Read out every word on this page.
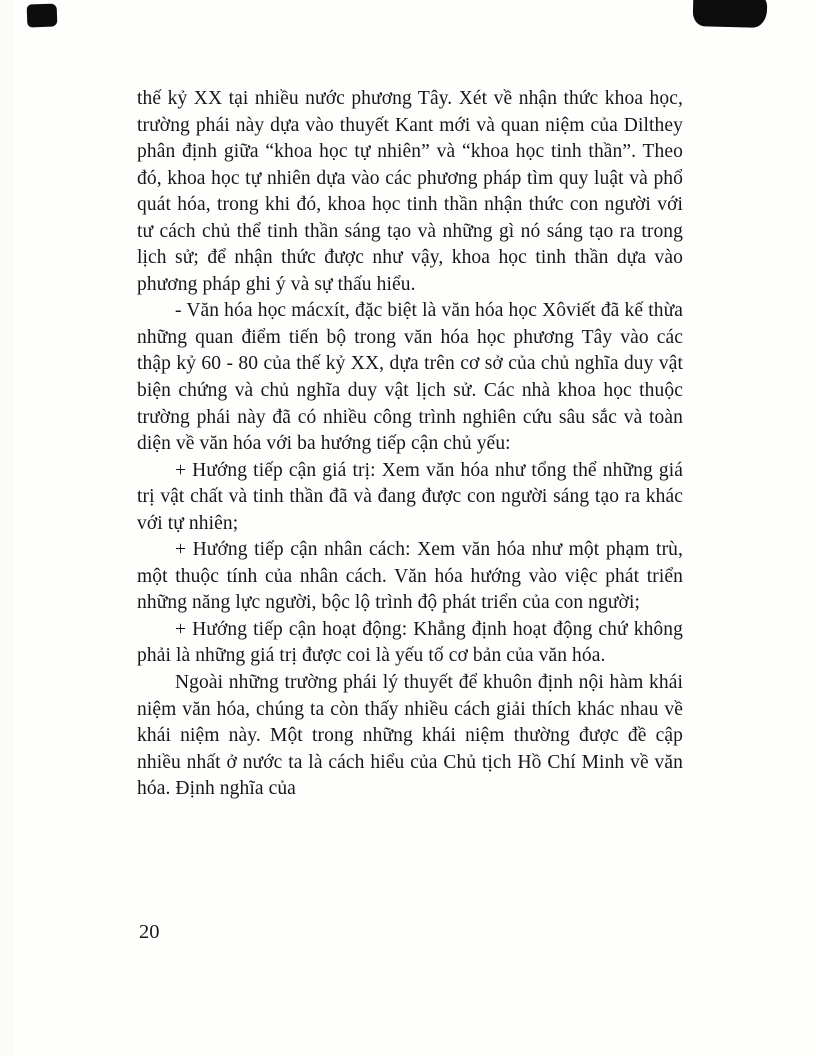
thế kỷ XX tại nhiều nước phương Tây. Xét về nhận thức khoa học, trường phái này dựa vào thuyết Kant mới và quan niệm của Dilthey phân định giữa “khoa học tự nhiên” và “khoa học tinh thần”. Theo đó, khoa học tự nhiên dựa vào các phương pháp tìm quy luật và phổ quát hóa, trong khi đó, khoa học tinh thần nhận thức con người với tư cách chủ thể tinh thần sáng tạo và những gì nó sáng tạo ra trong lịch sử; để nhận thức được như vậy, khoa học tinh thần dựa vào phương pháp ghi ý và sự thấu hiểu.

- Văn hóa học mácxít, đặc biệt là văn hóa học Xôviết đã kế thừa những quan điểm tiến bộ trong văn hóa học phương Tây vào các thập kỷ 60 - 80 của thế kỷ XX, dựa trên cơ sở của chủ nghĩa duy vật biện chứng và chủ nghĩa duy vật lịch sử. Các nhà khoa học thuộc trường phái này đã có nhiều công trình nghiên cứu sâu sắc và toàn diện về văn hóa với ba hướng tiếp cận chủ yếu:

+ Hướng tiếp cận giá trị: Xem văn hóa như tổng thể những giá trị vật chất và tinh thần đã và đang được con người sáng tạo ra khác với tự nhiên;

+ Hướng tiếp cận nhân cách: Xem văn hóa như một phạm trù, một thuộc tính của nhân cách. Văn hóa hướng vào việc phát triển những năng lực người, bộc lộ trình độ phát triển của con người;

+ Hướng tiếp cận hoạt động: Khẳng định hoạt động chứ không phải là những giá trị được coi là yếu tố cơ bản của văn hóa.

Ngoài những trường phái lý thuyết để khuôn định nội hàm khái niệm văn hóa, chúng ta còn thấy nhiều cách giải thích khác nhau về khái niệm này. Một trong những khái niệm thường được đề cập nhiều nhất ở nước ta là cách hiểu của Chủ tịch Hồ Chí Minh về văn hóa. Định nghĩa của

20
